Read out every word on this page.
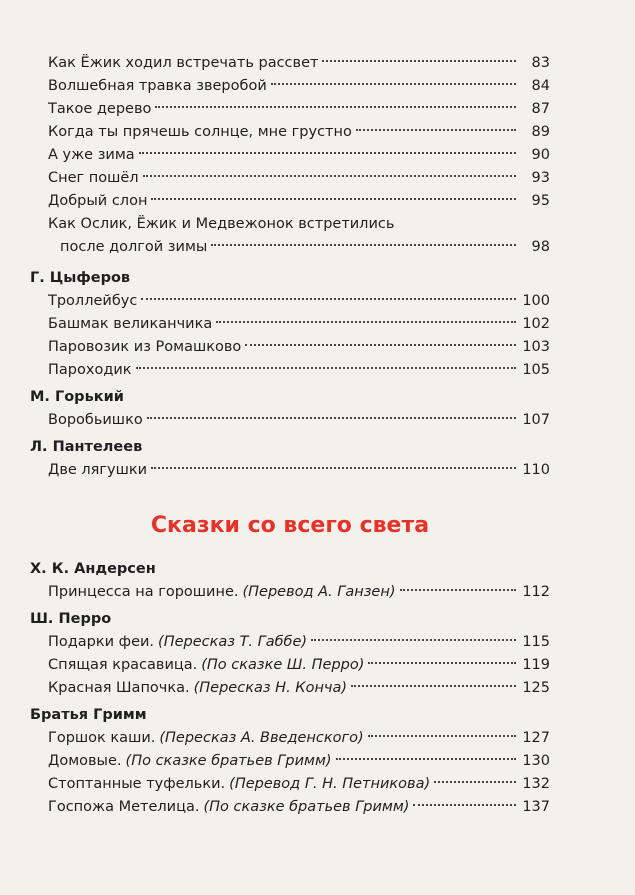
Как Ёжик ходил встречать рассвет	83
Волшебная травка зверобой	84
Такое дерево	87
Когда ты прячешь солнце, мне грустно	89
А уже зима	90
Снег пошёл	93
Добрый слон	95
Как Ослик, Ёжик и Медвежонок встретились
после долгой зимы	98
Г. Цыферов
Троллейбус	100
Башмак великанчика	102
Паровозик из Ромашково	103
Пароходик	105
М. Горький
Воробьишко	107
Л. Пантелеев
Две лягушки	110
Сказки со всего света
Х. К. Андерсен
Принцесса на горошине. (Перевод А. Ганзен)	112
Ш. Перро
Подарки феи. (Пересказ Т. Габбе)	115
Спящая красавица. (По сказке Ш. Перро)	119
Красная Шапочка. (Пересказ Н. Конча)	125
Братья Гримм
Горшок каши. (Пересказ А. Введенского)	127
Домовые. (По сказке братьев Гримм)	130
Стоптанные туфельки. (Перевод Г. Н. Петникова)	132
Госпожа Метелица. (По сказке братьев Гримм)	137
